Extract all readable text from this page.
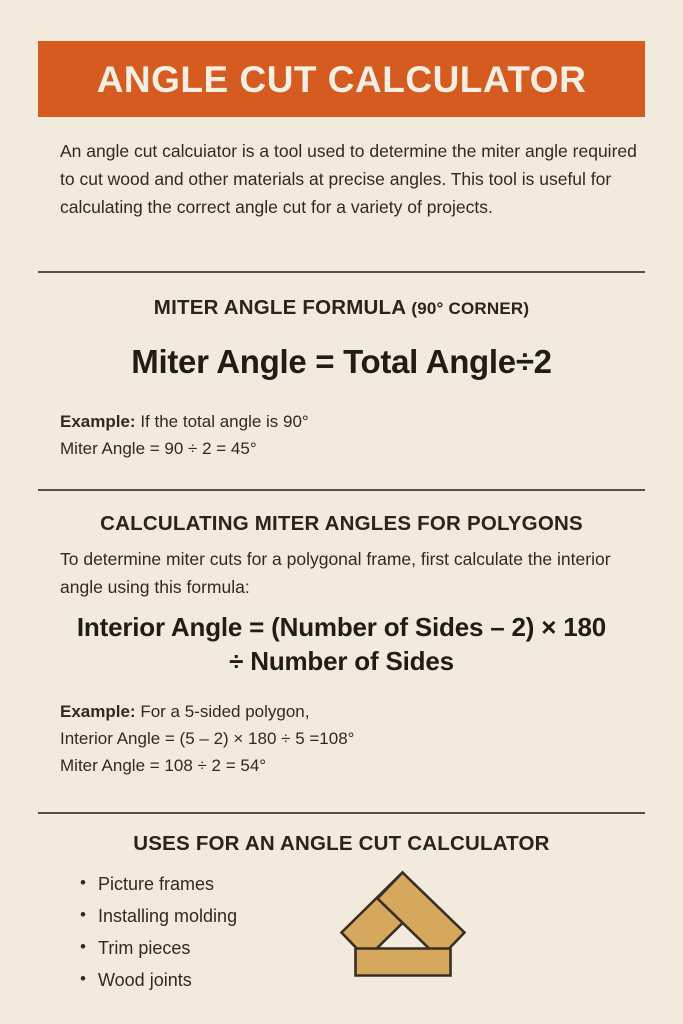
ANGLE CUT CALCULATOR
An angle cut calcuiator is a tool used to determine the miter angle required to cut wood and other materials at precise angles. This tool is useful for calculating the correct angle cut for a variety of projects.
MITER ANGLE FORMULA (90° CORNER)
Miter Angle = Total Angle÷2
Example: If the total angle is 90°
Miter Angle = 90 ÷ 2 = 45°
CALCULATING MITER ANGLES FOR POLYGONS
To determine miter cuts for a polygonal frame, first calculate the interior angle using this formula:
Interior Angle = (Number of Sides – 2) × 180
÷ Number of Sides
Example: For a 5-sided polygon,
Interior Angle = (5 – 2) × 180 ÷ 5 =108°
Miter Angle = 108 ÷ 2 = 54°
USES FOR AN ANGLE CUT CALCULATOR
• Picture frames
• Installing molding
• Trim pieces
• Wood joints
